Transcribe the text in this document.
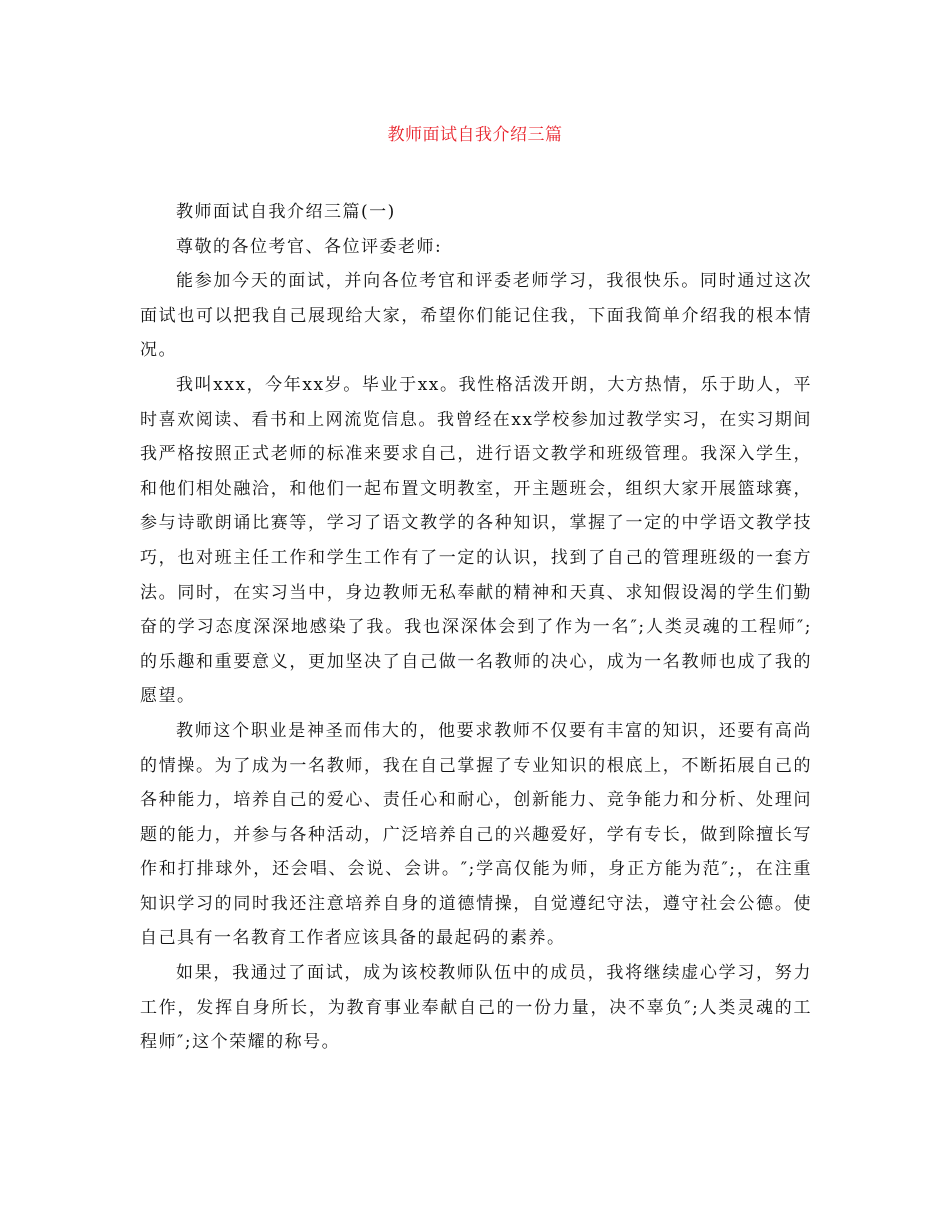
教师面试自我介绍三篇

教师面试自我介绍三篇(一)

尊敬的各位考官、各位评委老师:

能参加今天的面试，并向各位考官和评委老师学习，我很快乐。同时通过这次面试也可以把我自己展现给大家，希望你们能记住我，下面我简单介绍我的根本情况。

我叫xxx，今年xx岁。毕业于xx。我性格活泼开朗，大方热情，乐于助人，平时喜欢阅读、看书和上网流览信息。我曾经在xx学校参加过教学实习，在实习期间我严格按照正式老师的标准来要求自己，进行语文教学和班级管理。我深入学生，和他们相处融洽，和他们一起布置文明教室，开主题班会，组织大家开展篮球赛，参与诗歌朗诵比赛等，学习了语文教学的各种知识，掌握了一定的中学语文教学技巧，也对班主任工作和学生工作有了一定的认识，找到了自己的管理班级的一套方法。同时，在实习当中，身边教师无私奉献的精神和天真、求知假设渴的学生们勤奋的学习态度深深地感染了我。我也深深体会到了作为一名″;人类灵魂的工程师″;的乐趣和重要意义，更加坚决了自己做一名教师的决心，成为一名教师也成了我的愿望。

教师这个职业是神圣而伟大的，他要求教师不仅要有丰富的知识，还要有高尚的情操。为了成为一名教师，我在自己掌握了专业知识的根底上，不断拓展自己的各种能力，培养自己的爱心、责任心和耐心，创新能力、竞争能力和分析、处理问题的能力，并参与各种活动，广泛培养自己的兴趣爱好，学有专长，做到除擅长写作和打排球外，还会唱、会说、会讲。″;学高仅能为师，身正方能为范″;，在注重知识学习的同时我还注意培养自身的道德情操，自觉遵纪守法，遵守社会公德。使自己具有一名教育工作者应该具备的最起码的素养。

如果，我通过了面试，成为该校教师队伍中的成员，我将继续虚心学习，努力工作，发挥自身所长，为教育事业奉献自己的一份力量，决不辜负″;人类灵魂的工程师″;这个荣耀的称号。
